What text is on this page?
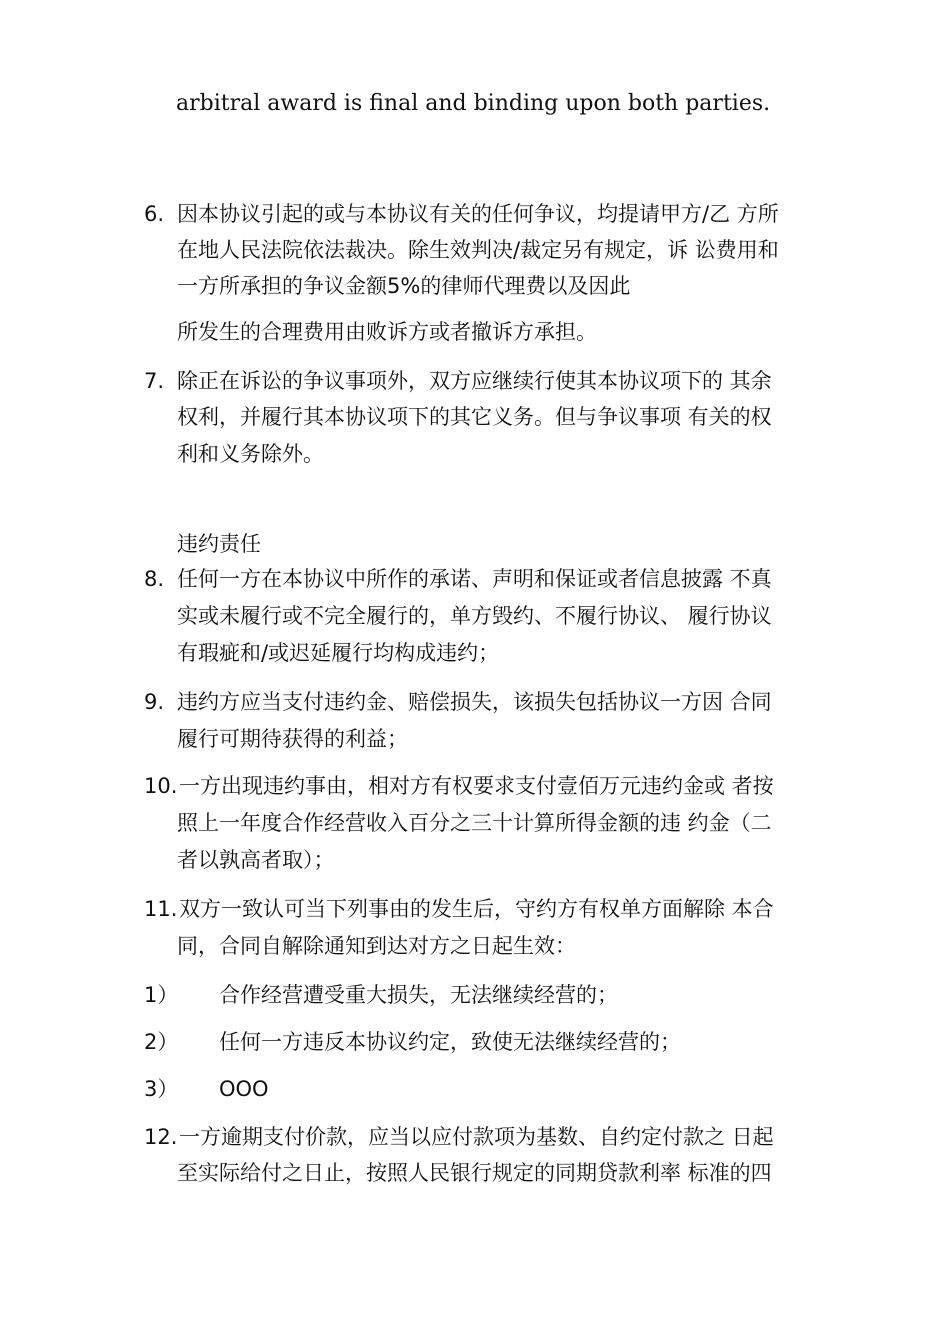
arbitral award is final and binding upon both parties.
6. 因本协议引起的或与本协议有关的任何争议，均提请甲方/乙 方所
在地人民法院依法裁决。除生效判决/裁定另有规定，诉 讼费用和
一方所承担的争议金额5%的律师代理费以及因此
所发生的合理费用由败诉方或者撤诉方承担。
7. 除正在诉讼的争议事项外，双方应继续行使其本协议项下的 其余
权利，并履行其本协议项下的其它义务。但与争议事项 有关的权
利和义务除外。
违约责任
8. 任何一方在本协议中所作的承诺、声明和保证或者信息披露 不真
实或未履行或不完全履行的，单方毁约、不履行协议、 履行协议
有瑕疵和/或迟延履行均构成违约；
9. 违约方应当支付违约金、赔偿损失，该损失包括协议一方因 合同
履行可期待获得的利益；
10. 一方出现违约事由，相对方有权要求支付壹佰万元违约金或 者按
照上一年度合作经营收入百分之三十计算所得金额的违 约金（二
者以孰高者取）；
11. 双方一致认可当下列事由的发生后，守约方有权单方面解除 本合
同，合同自解除通知到达对方之日起生效：
1） 合作经营遭受重大损失，无法继续经营的；
2） 任何一方违反本协议约定，致使无法继续经营的；
3） OOO
12. 一方逾期支付价款，应当以应付款项为基数、自约定付款之 日起
至实际给付之日止，按照人民银行规定的同期贷款利率 标准的四
